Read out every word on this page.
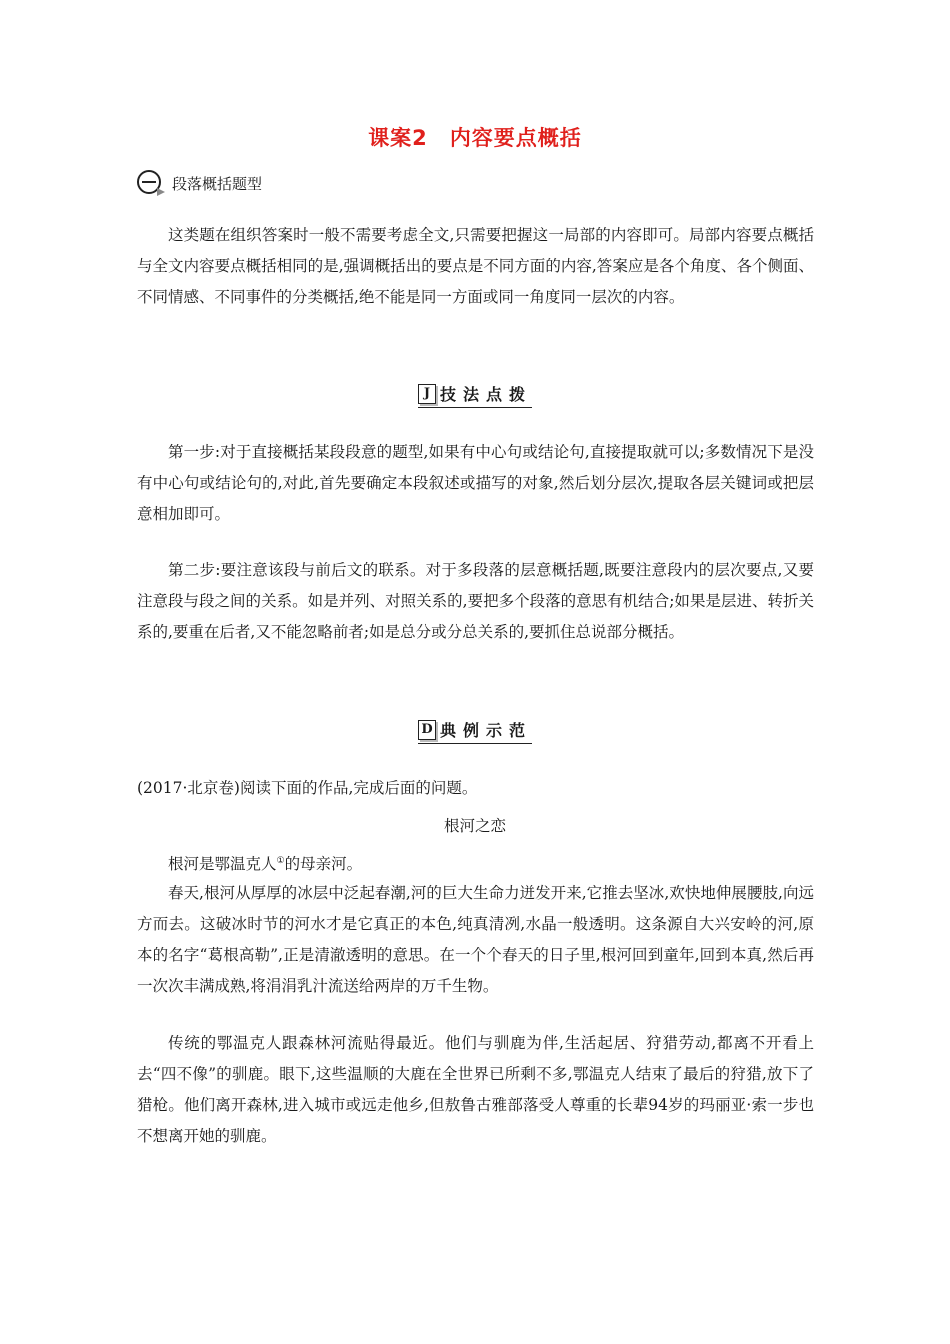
课案2 内容要点概括
段落概括题型

这类题在组织答案时一般不需要考虑全文,只需要把握这一局部的内容即可。局部内容要点概括与全文内容要点概括相同的是,强调概括出的要点是不同方面的内容,答案应是各个角度、各个侧面、不同情感、不同事件的分类概括,绝不能是同一方面或同一角度同一层次的内容。

J 技法点拨

第一步:对于直接概括某段段意的题型,如果有中心句或结论句,直接提取就可以;多数情况下是没有中心句或结论句的,对此,首先要确定本段叙述或描写的对象,然后划分层次,提取各层关键词或把层意相加即可。

第二步:要注意该段与前后文的联系。对于多段落的层意概括题,既要注意段内的层次要点,又要注意段与段之间的关系。如是并列、对照关系的,要把多个段落的意思有机结合;如果是层进、转折关系的,要重在后者,又不能忽略前者;如是总分或分总关系的,要抓住总说部分概括。

D 典例示范

(2017·北京卷)阅读下面的作品,完成后面的问题。

根河之恋

根河是鄂温克人①的母亲河。

春天,根河从厚厚的冰层中泛起春潮,河的巨大生命力迸发开来,它推去坚冰,欢快地伸展腰肢,向远方而去。这破冰时节的河水才是它真正的本色,纯真清冽,水晶一般透明。这条源自大兴安岭的河,原本的名字“葛根高勒”,正是清澈透明的意思。在一个个春天的日子里,根河回到童年,回到本真,然后再一次次丰满成熟,将涓涓乳汁流送给两岸的万千生物。

传统的鄂温克人跟森林河流贴得最近。他们与驯鹿为伴,生活起居、狩猎劳动,都离不开看上去“四不像”的驯鹿。眼下,这些温顺的大鹿在全世界已所剩不多,鄂温克人结束了最后的狩猎,放下了猎枪。他们离开森林,进入城市或远走他乡,但敖鲁古雅部落受人尊重的长辈94岁的玛丽亚·索一步也不想离开她的驯鹿。
